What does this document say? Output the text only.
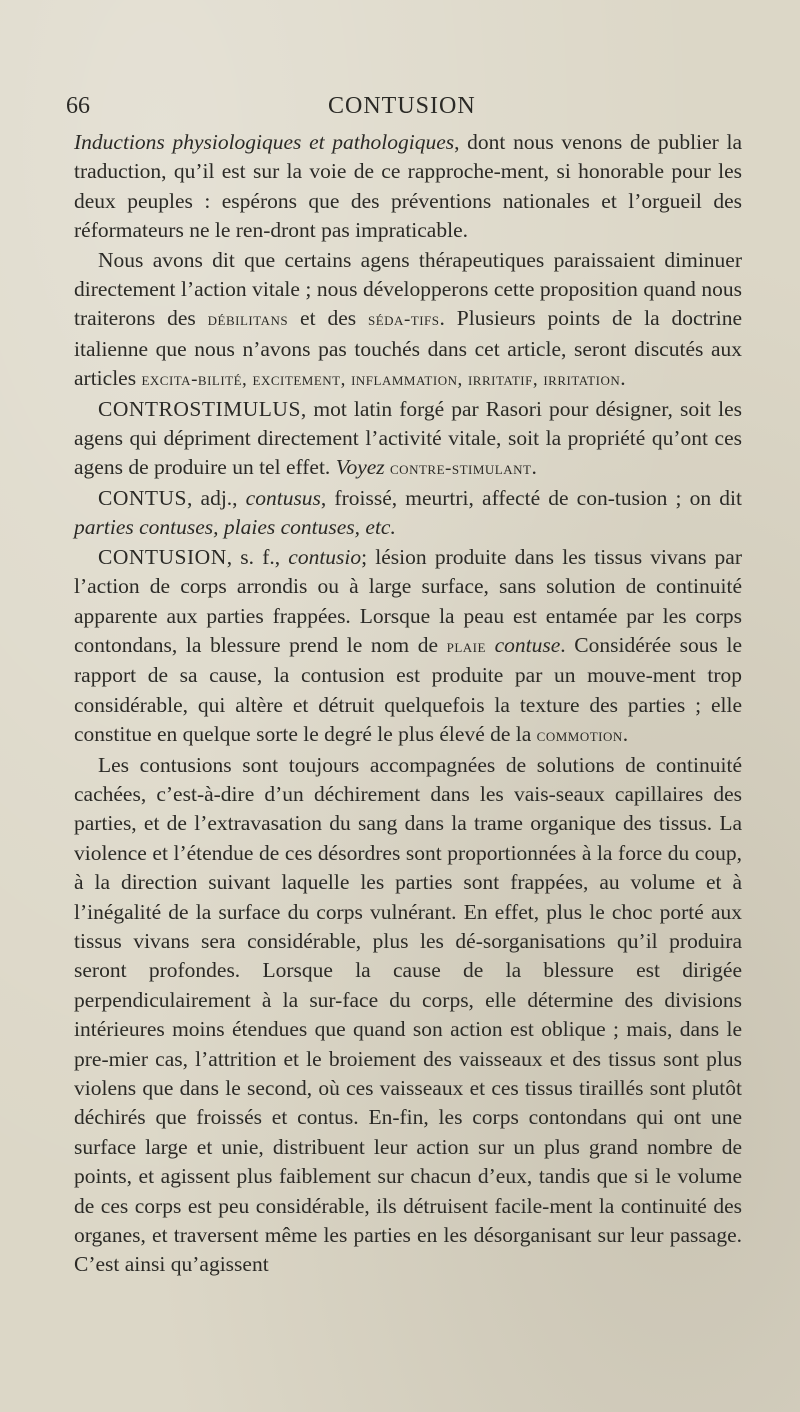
66	CONTUSION

Inductions physiologiques et pathologiques, dont nous venons de publier la traduction, qu’il est sur la voie de ce rapproche-ment, si honorable pour les deux peuples : espérons que des préventions nationales et l’orgueil des réformateurs ne le ren-dront pas impraticable.

Nous avons dit que certains agens thérapeutiques paraissaient diminuer directement l’action vitale ; nous développerons cette proposition quand nous traiterons des débilitans et des séda-tifs. Plusieurs points de la doctrine italienne que nous n’avons pas touchés dans cet article, seront discutés aux articles excita-bilité, excitement, inflammation, irritatif, irritation.

CONTROSTIMULUS, mot latin forgé par Rasori pour désigner, soit les agens qui dépriment directement l’activité vitale, soit la propriété qu’ont ces agens de produire un tel effet. Voyez contre-stimulant.

CONTUS, adj., contusus, froissé, meurtri, affecté de con-tusion ; on dit parties contuses, plaies contuses, etc.

CONTUSION, s. f., contusio; lésion produite dans les tissus vivans par l’action de corps arrondis ou à large surface, sans solution de continuité apparente aux parties frappées. Lorsque la peau est entamée par les corps contondans, la blessure prend le nom de plaie contuse. Considérée sous le rapport de sa cause, la contusion est produite par un mouve-ment trop considérable, qui altère et détruit quelquefois la texture des parties ; elle constitue en quelque sorte le degré le plus élevé de la commotion.

Les contusions sont toujours accompagnées de solutions de continuité cachées, c’est-à-dire d’un déchirement dans les vais-seaux capillaires des parties, et de l’extravasation du sang dans la trame organique des tissus. La violence et l’étendue de ces désordres sont proportionnées à la force du coup, à la direction suivant laquelle les parties sont frappées, au volume et à l’inégalité de la surface du corps vulnérant. En effet, plus le choc porté aux tissus vivans sera considérable, plus les dé-sorganisations qu’il produira seront profondes. Lorsque la cause de la blessure est dirigée perpendiculairement à la sur-face du corps, elle détermine des divisions intérieures moins étendues que quand son action est oblique ; mais, dans le pre-mier cas, l’attrition et le broiement des vaisseaux et des tissus sont plus violens que dans le second, où ces vaisseaux et ces tissus tiraillés sont plutôt déchirés que froissés et contus. En-fin, les corps contondans qui ont une surface large et unie, distribuent leur action sur un plus grand nombre de points, et agissent plus faiblement sur chacun d’eux, tandis que si le volume de ces corps est peu considérable, ils détruisent facile-ment la continuité des organes, et traversent même les parties en les désorganisant sur leur passage. C’est ainsi qu’agissent
